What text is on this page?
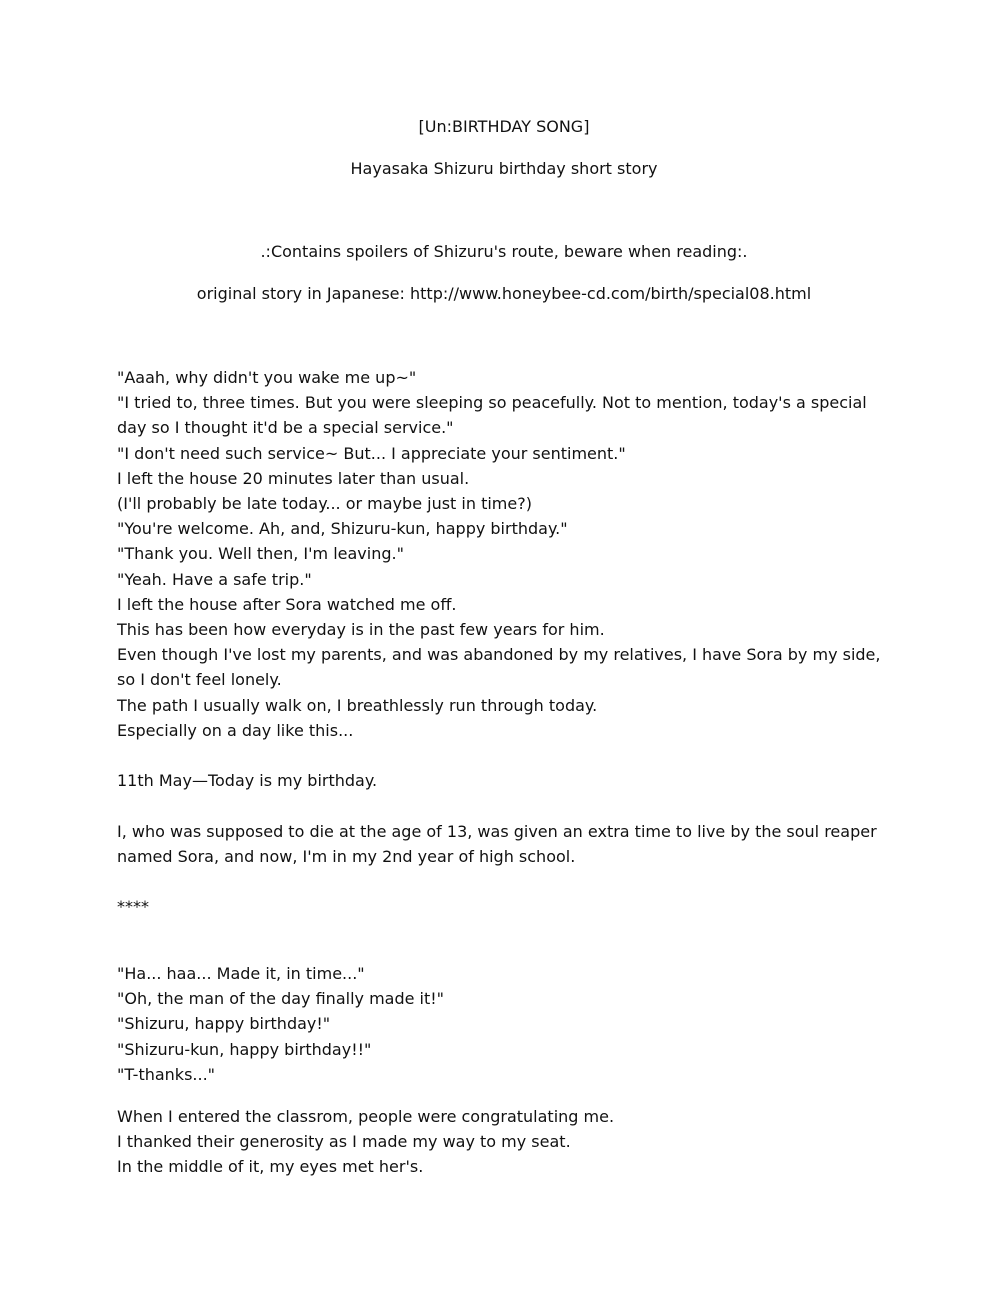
[Un:BIRTHDAY SONG]
Hayasaka Shizuru birthday short story
.:Contains spoilers of Shizuru's route, beware when reading:.
original story in Japanese: http://www.honeybee-cd.com/birth/special08.html

"Aaah, why didn't you wake me up~"

"I tried to, three times. But you were sleeping so peacefully. Not to mention, today's a special day so I thought it'd be a special service."

"I don't need such service~ But... I appreciate your sentiment."

I left the house 20 minutes later than usual.

(I'll probably be late today... or maybe just in time?)

"You're welcome. Ah, and, Shizuru-kun, happy birthday."

"Thank you. Well then, I'm leaving."

"Yeah. Have a safe trip."

I left the house after Sora watched me off.

This has been how everyday is in the past few years for him.

Even though I've lost my parents, and was abandoned by my relatives, I have Sora by my side, so I don't feel lonely.

The path I usually walk on, I breathlessly run through today.

Especially on a day like this...

11th May—Today is my birthday.
I, who was supposed to die at the age of 13, was given an extra time to live by the soul reaper named Sora, and now, I'm in my 2nd year of high school.
****

"Ha... haa... Made it, in time..."

"Oh, the man of the day finally made it!"

"Shizuru, happy birthday!"

"Shizuru-kun, happy birthday!!"

"T-thanks..."

When I entered the classrom, people were congratulating me.

I thanked their generosity as I made my way to my seat.

In the middle of it, my eyes met her's.
